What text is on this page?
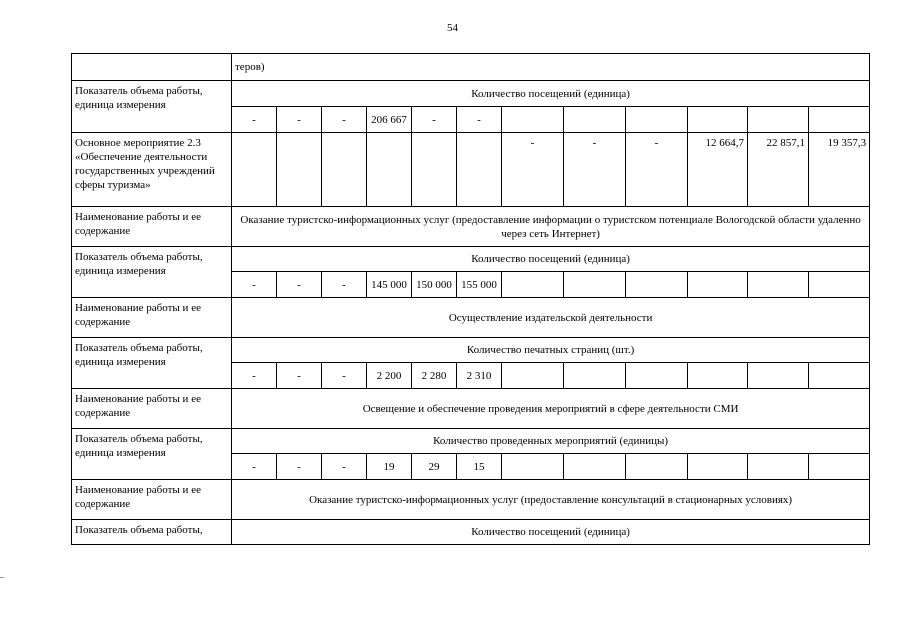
54
	теров)											
Показатель объема работы, единица измерения	Количество посещений (единица)											
	-	-	-	206 667	-	-						
Основное мероприятие 2.3 «Обеспечение деятельности государственных учреждений сферы туризма»							-	-	-	12 664,7	22 857,1	19 357,3
Наименование работы и ее содержание	Оказание туристско-информационных услуг (предоставление информации о туристском потенциале Вологодской области удаленно через сеть Интернет)											
Показатель объема работы, единица измерения	Количество посещений (единица)											
	-	-	-	145 000	150 000	155 000						
Наименование работы и ее содержание	Осуществление издательской деятельности											
Показатель объема работы, единица измерения	Количество печатных страниц (шт.)											
	-	-	-	2 200	2 280	2 310						
Наименование работы и ее содержание	Освещение и обеспечение проведения мероприятий в сфере деятельности СМИ											
Показатель объема работы, единица измерения	Количество проведенных мероприятий (единицы)											
	-	-	-	19	29	15						
Наименование работы и ее содержание	Оказание туристско-информационных услуг (предоставление консультаций в стационарных условиях)											
Показатель объема работы,	Количество посещений (единица)											
